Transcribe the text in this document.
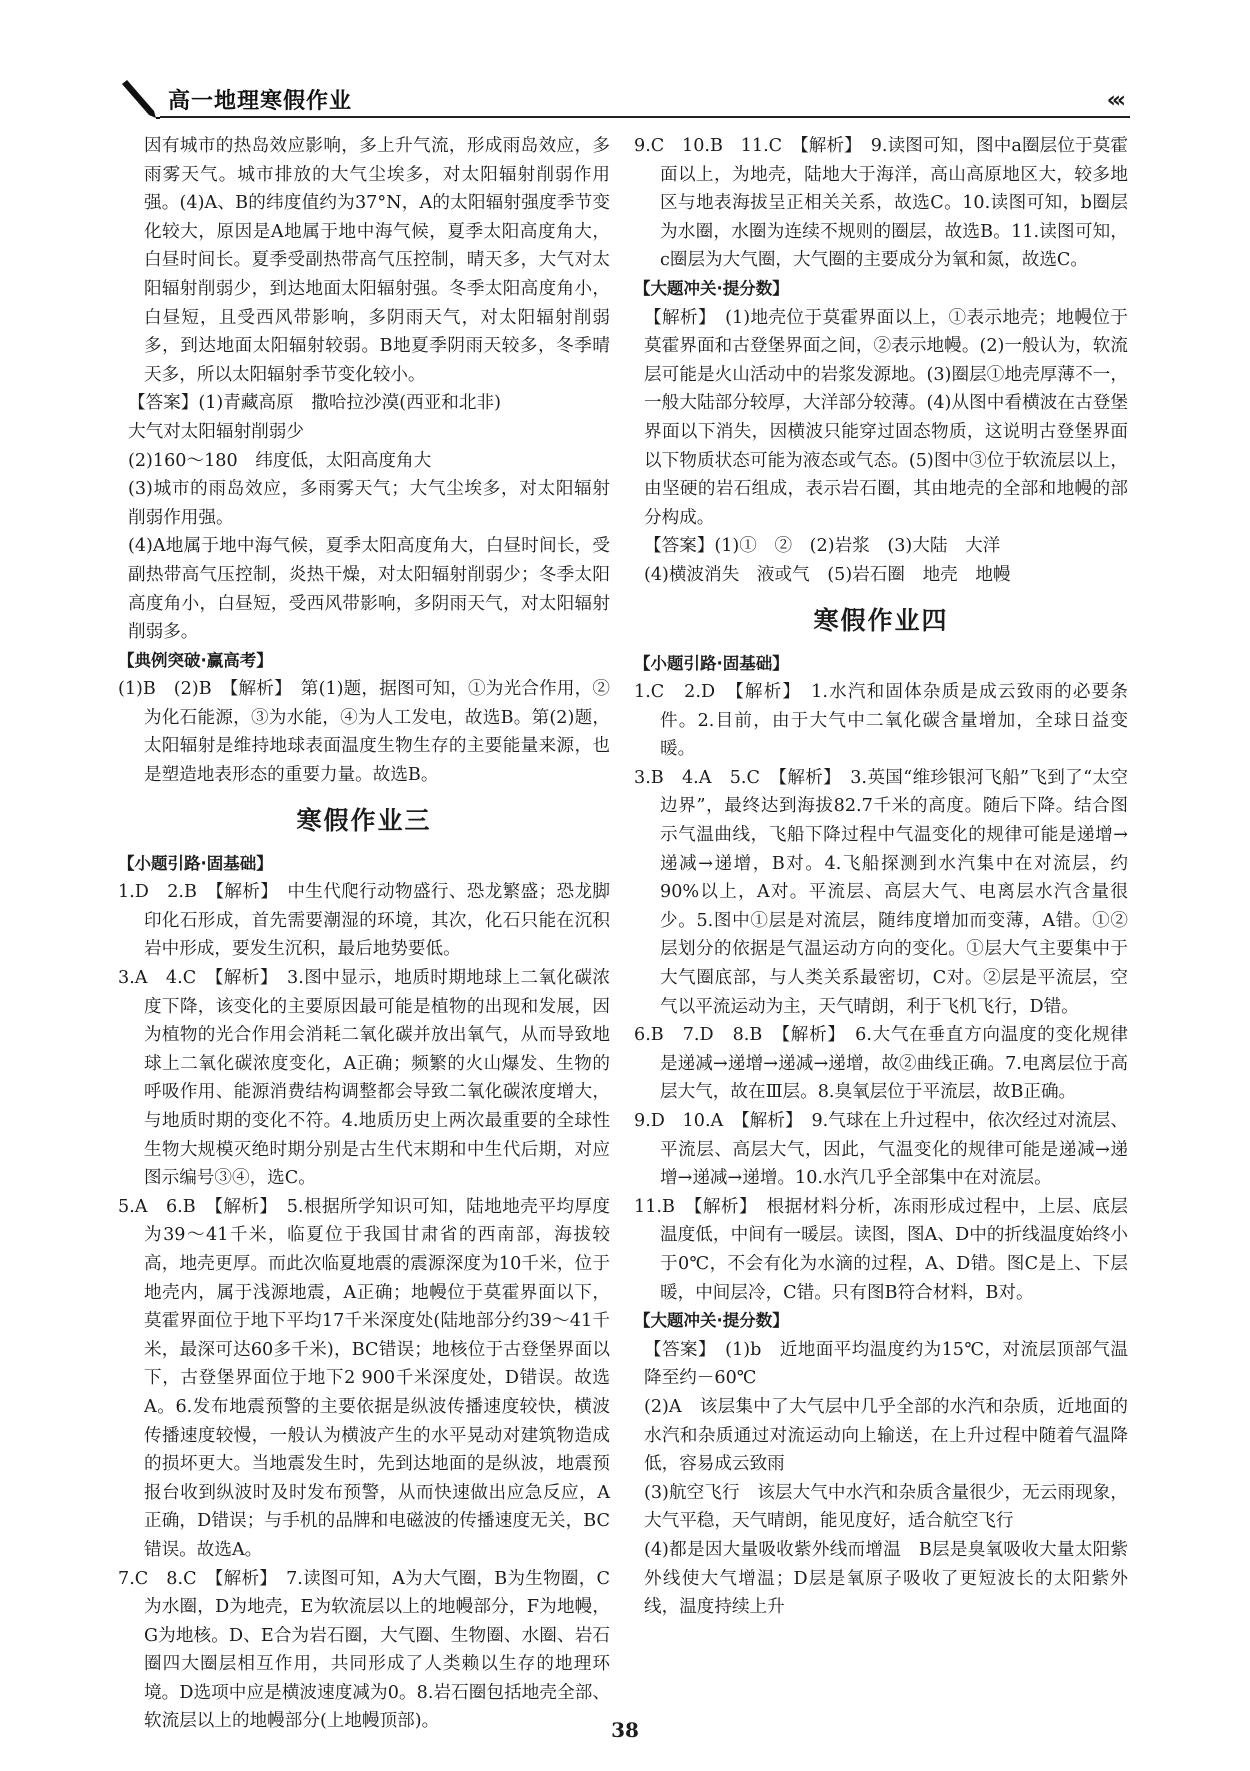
高一地理寒假作业	‹‹‹

因有城市的热岛效应影响，多上升气流，形成雨岛效应，多雨雾天气。城市排放的大气尘埃多，对太阳辐射削弱作用强。(4)A、B的纬度值约为37°N，A的太阳辐射强度季节变化较大，原因是A地属于地中海气候，夏季太阳高度角大，白昼时间长。夏季受副热带高气压控制，晴天多，大气对太阳辐射削弱少，到达地面太阳辐射强。冬季太阳高度角小，白昼短，且受西风带影响，多阴雨天气，对太阳辐射削弱多，到达地面太阳辐射较弱。B地夏季阴雨天较多，冬季晴天多，所以太阳辐射季节变化较小。

【答案】(1)青藏高原　撒哈拉沙漠(西亚和北非)

大气对太阳辐射削弱少

(2)160～180　纬度低，太阳高度角大

(3)城市的雨岛效应，多雨雾天气；大气尘埃多，对太阳辐射削弱作用强。

(4)A地属于地中海气候，夏季太阳高度角大，白昼时间长，受副热带高气压控制，炎热干燥，对太阳辐射削弱少；冬季太阳高度角小，白昼短，受西风带影响，多阴雨天气，对太阳辐射削弱多。

【典例突破·赢高考】

(1)B　(2)B　【解析】　第(1)题，据图可知，①为光合作用，②为化石能源，③为水能，④为人工发电，故选B。第(2)题，太阳辐射是维持地球表面温度生物生存的主要能量来源，也是塑造地表形态的重要力量。故选B。

寒假作业三

【小题引路·固基础】

1.D　2.B　【解析】　中生代爬行动物盛行、恐龙繁盛；恐龙脚印化石形成，首先需要潮湿的环境，其次，化石只能在沉积岩中形成，要发生沉积，最后地势要低。

3.A　4.C　【解析】　3.图中显示，地质时期地球上二氧化碳浓度下降，该变化的主要原因最可能是植物的出现和发展，因为植物的光合作用会消耗二氧化碳并放出氧气，从而导致地球上二氧化碳浓度变化，A正确；频繁的火山爆发、生物的呼吸作用、能源消费结构调整都会导致二氧化碳浓度增大，与地质时期的变化不符。4.地质历史上两次最重要的全球性生物大规模灭绝时期分别是古生代末期和中生代后期，对应图示编号③④，选C。

5.A　6.B　【解析】　5.根据所学知识可知，陆地地壳平均厚度为39～41千米，临夏位于我国甘肃省的西南部，海拔较高，地壳更厚。而此次临夏地震的震源深度为10千米，位于地壳内，属于浅源地震，A正确；地幔位于莫霍界面以下，莫霍界面位于地下平均17千米深度处(陆地部分约39～41千米，最深可达60多千米)，BC错误；地核位于古登堡界面以下，古登堡界面位于地下2 900千米深度处，D错误。故选A。6.发布地震预警的主要依据是纵波传播速度较快，横波传播速度较慢，一般认为横波产生的水平晃动对建筑物造成的损坏更大。当地震发生时，先到达地面的是纵波，地震预报台收到纵波时及时发布预警，从而快速做出应急反应，A正确，D错误；与手机的品牌和电磁波的传播速度无关，BC错误。故选A。

7.C　8.C　【解析】　7.读图可知，A为大气圈，B为生物圈，C为水圈，D为地壳，E为软流层以上的地幔部分，F为地幔，G为地核。D、E合为岩石圈，大气圈、生物圈、水圈、岩石圈四大圈层相互作用，共同形成了人类赖以生存的地理环境。D选项中应是横波速度减为0。8.岩石圈包括地壳全部、软流层以上的地幔部分(上地幔顶部)。

9.C　10.B　11.C　【解析】　9.读图可知，图中a圈层位于莫霍面以上，为地壳，陆地大于海洋，高山高原地区大，较多地区与地表海拔呈正相关关系，故选C。10.读图可知，b圈层为水圈，水圈为连续不规则的圈层，故选B。11.读图可知，c圈层为大气圈，大气圈的主要成分为氧和氮，故选C。

【大题冲关·提分数】

【解析】　(1)地壳位于莫霍界面以上，①表示地壳；地幔位于莫霍界面和古登堡界面之间，②表示地幔。(2)一般认为，软流层可能是火山活动中的岩浆发源地。(3)圈层①地壳厚薄不一，一般大陆部分较厚，大洋部分较薄。(4)从图中看横波在古登堡界面以下消失，因横波只能穿过固态物质，这说明古登堡界面以下物质状态可能为液态或气态。(5)图中③位于软流层以上，由坚硬的岩石组成，表示岩石圈，其由地壳的全部和地幔的部分构成。

【答案】(1)①　②　(2)岩浆　(3)大陆　大洋

(4)横波消失　液或气　(5)岩石圈　地壳　地幔

寒假作业四

【小题引路·固基础】

1.C　2.D　【解析】　1.水汽和固体杂质是成云致雨的必要条件。2.目前，由于大气中二氧化碳含量增加，全球日益变暖。

3.B　4.A　5.C　【解析】　3.英国“维珍银河飞船”飞到了“太空边界”，最终达到海拔82.7千米的高度。随后下降。结合图示气温曲线，飞船下降过程中气温变化的规律可能是递增→递减→递增，B对。4.飞船探测到水汽集中在对流层，约90%以上，A对。平流层、高层大气、电离层水汽含量很少。5.图中①层是对流层，随纬度增加而变薄，A错。①②层划分的依据是气温运动方向的变化。①层大气主要集中于大气圈底部，与人类关系最密切，C对。②层是平流层，空气以平流运动为主，天气晴朗，利于飞机飞行，D错。

6.B　7.D　8.B　【解析】　6.大气在垂直方向温度的变化规律是递减→递增→递减→递增，故②曲线正确。7.电离层位于高层大气，故在Ⅲ层。8.臭氧层位于平流层，故B正确。

9.D　10.A　【解析】　9.气球在上升过程中，依次经过对流层、平流层、高层大气，因此，气温变化的规律可能是递减→递增→递减→递增。10.水汽几乎全部集中在对流层。

11.B　【解析】　根据材料分析，冻雨形成过程中，上层、底层温度低，中间有一暖层。读图，图A、D中的折线温度始终小于0℃，不会有化为水滴的过程，A、D错。图C是上、下层暖，中间层冷，C错。只有图B符合材料，B对。

【大题冲关·提分数】

【答案】　(1)b　近地面平均温度约为15℃，对流层顶部气温降至约－60℃

(2)A　该层集中了大气层中几乎全部的水汽和杂质，近地面的水汽和杂质通过对流运动向上输送，在上升过程中随着气温降低，容易成云致雨

(3)航空飞行　该层大气中水汽和杂质含量很少，无云雨现象，大气平稳，天气晴朗，能见度好，适合航空飞行

(4)都是因大量吸收紫外线而增温　B层是臭氧吸收大量太阳紫外线使大气增温；D层是氧原子吸收了更短波长的太阳紫外线，温度持续上升

38
